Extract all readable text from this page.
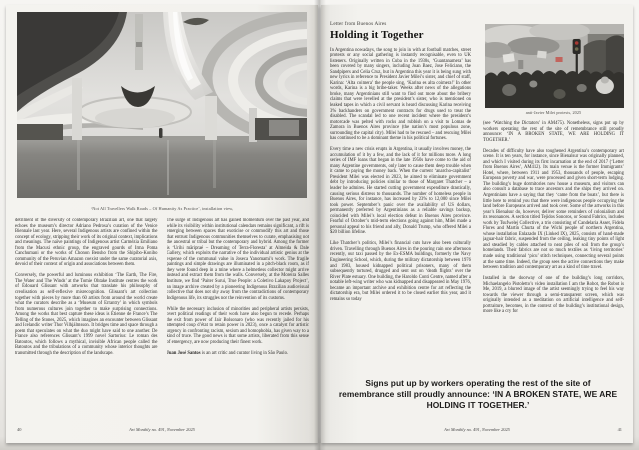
‘Not All Travellers Walk Roads – Of Humanity As Practice’, installation view,

detriment of the diversity of contemporary Brazilian art, one that largely echoes the museum’s director Adriano Pedrosa’s curation of the Venice Biennale last year. Here, several Indigenous artists are confined within the concept of ecology, stripping their work of its original context, implications and meanings. The naïve paintings of Indigenous artist Carmézia Emiliano from the Macuxi ethnic group, the engraved gourds of Irma Poma Canchumani or the works of Chonon Bensho from the Shipibo-Konibo community of the Peruvian Amazon coexist under the same curatorial axis, devoid of their context of origin and associations between them.

Conversely, the powerful and luminous exhibition ‘The Earth, The Fire, The Water and The Winds’ at the Tomie Ohtake Institute centres the work of Édouard Glissant with artworks that translate his philosophy of creolisation as self-reflexive misrecognition. Glissant’s art collection together with pieces by more than 60 artists from around the world create what the curators describe as a ‘Museum of Errantry’ in which symbols from numerous cultures join together to make surprising connections. Among the works that best capture these ideas is Étienne de France’s The Telling of the Stones, 2025, which imagines an encounter between Glissant and Icelandic writer Thor Vilhjálmsson. It bridges time and space through a poem that speculates on what the duo might have said to one another. De France also references Glissant’s 1999 novel Sartorius: Le roman des Batoutos, which follows a mythical, invisible African people called the Batoutos and the tribulations of a community whose interior thoughts are transmitted through the description of the landscape.

The surge of Indigenous art has gained momentum over the past year, and while its visibility within institutional calendars remains significant, a rift is emerging between spaces that exoticise or commodify this art and those that entrust Indigenous communities themselves to curate, emphasising not the ancestral or tribal but the contemporary and hybrid. Among the former is ‘Urihi mãripraé – Dreaming of Terra-Floresta’ at Almeida & Dale Gallery, which exploits the narrative of the individual artistic genius at the expense of the communal value in Joseca Yanomami’s work. The fragile paintings and simple drawings are illuminated in a pitch-black room, as if they were found deep in a mine where a helmetless collector might arrive instead and extract them from the walls. Conversely, at the Moreira Salles Institute, we find ‘Paiter Surui, True People: a Coletivo Lakapoy Project’, an image archive created by a pioneering Indigenous Brazilian audiovisual collective that does not shy away from the contradictions of contemporary Indigenous life, its struggles nor the reinvention of its customs.

While the necessary inclusion of minorities and peripheral artists persists, overt political readings of their work have also begun to recede. Perhaps the exit from power of Jair Bolsonaro (who was recently jailed for his attempted coup d’état to retain power in 2023), once a catalyst for artistic urgency in confronting racism, sexism and homophobia, has given way to a kind of truce. The good news is that some artists, liberated from this sense of emergency, are now producing their finest work.

Juan José Santos is an art critic and curator living in São Paulo.

Art Monthly no. 491, November 2025
40

Letter from Buenos Aires

Holding it Together

In Argentina nowadays, the song to join in with at football matches, street protests or any social gathering is instantly recognisable, even to UK listeners. Originally written in Cuba in the 1930s, ‘Guantanamera’ has been covered by many singers, including Joan Baez, Jose Feliciano, the Sandpipers and Celia Cruz, but in Argentina this year it is being sung with new lyrics in reference to President Javier Milei’s sister, and chief of staff, Karina: ‘Alta coimera’ the people sing, ‘Karina es alta coimera!’ In other words, Karina is a big bribe-taker. Weeks after news of the allegations broke, many Argentinians still want to find out more about the bribery claims that were levelled at the president’s sister, who is mentioned on leaked tapes in which a civil servant is heard discussing Karina receiving 3% backhanders on government contracts for drugs used to treat the disabled. The scandal led to one recent incident where the president’s motorcade was pelted with rocks and rubbish on a visit to Lomas de Zamora in Buenos Aires province (the nation’s most populous zone, surrounding the capital city). Milei had to be rescued – and rescuing Milei has continued to be a dominant theme in his political fortunes.

Every time a new crisis erupts in Argentina, it usually involves money, the accumulation of it by a few, and the lack of it for millions more. A long series of IMF loans that began in the late 1950s have come to the aid of many Argentine governments, only later to cause them deep trouble when it came to paying the money back. When the current ‘anarcho-capitalist’ President Milei was elected in 2023, he aimed to eliminate government debt by introducing policies similar to those of Margaret Thatcher – a leader he admires. He started cutting government expenditure drastically, causing serious distress to thousands. The number of homeless people in Buenos Aires, for instance, has increased by 23% to 12,000 since Milei took power. September’s panic over the availability of US dollars, permanently preferred by Argentinians as a reliable savings backup, coincided with Milei’s local election defeat in Buenos Aires province. Fearful of October’s mid-term elections going against him, Milei made a personal appeal to his friend and ally, Donald Trump, who offered Milei a $20 billion lifeline.

Like Thatcher’s politics, Milei’s financial cuts have also been culturally driven. Travelling through Buenos Aires in the pouring rain one afternoon recently, our taxi passed by the Ex-ESMA buildings, formerly the Navy Engineering School, which, during the military dictatorship between 1976 and 1983, housed kidnapped political prisoners, many of them subsequently tortured, drugged and sent out on ‘death flights’ over the River Plate estuary. One building, the Haroldo Conti Centre, named after a notable left-wing writer who was kidnapped and disappeared in May 1976, became an important archive and exhibition centre for art reflecting the dictatorship era, but Milei ordered it to be closed earlier this year, and it remains so today

anti-Javier Milei protests, 2025

(see ‘Watching the Dictators’ in AM475). Nonetheless, signs put up by workers operating the rest of the site of remembrance still proudly announce: ‘IN A BROKEN STATE, WE ARE HOLDING IT TOGETHER.’

Decades of difficulty have also toughened Argentina’s contemporary art scene. It is ten years, for instance, since Bienalsur was originally planned, and which I visited during its first incarnation at the end of 2017 (‘Letter from Buenos Aires’, AM412). Its main venue is the former Immigrants’ Hotel, where, between 1911 and 1953, thousands of people, escaping European poverty and war, were processed and given short-term lodging. The building’s huge dormitories now house a museum, and visitors can also consult a database to trace ancestors and the ships they arrived on. Argentinians have a saying that they ‘came from the boats’, but there is little here to remind you that there were indigenous people occupying the land before Europeans arrived and took over. Some of the artworks in this year’s Bienalsur do, however, deliver some reminders of colonialism and its resonances. A section titled Tejidos Sonoros, or Sound Fabrics, includes work by Tsufwelej Collective, a trio consisting of Candelaria Asset, Fidela Flores and Martín Churta of the Wichí people of northern Argentina, whose installation Enlazado IX (Linked IX), 2025, consists of hand-made jaguar-hair fabric, suspended from the ceiling, leaking tiny points of light and steadied by cables attached to neat piles of soil from the group’s homelands. Their fabrics are not so much textiles as ‘living territories’ made using traditional ‘picu’ stitch techniques, connecting several points at the same time. Indeed, the group sees the active connections they make between tradition and contemporary art as a kind of time travel.

Installed in the doorway of one of the building’s long corridors, Michaelangelo Pistoletto’s video installation I am the Robot, the Robot is Me, 2019, a blurred image of the artist seemingly trying to feel his way towards the viewer through a semi-transparent screen, which was originally intended as a meditation on artificial intelligence and self-portraiture, becomes, in the context of the building’s institutional design, more like a cry for

Signs put up by workers operating the rest of the site of remembrance still proudly announce: ‘IN A BROKEN STATE, WE ARE HOLDING IT TOGETHER.’
Art Monthly no. 491, November 2025	41
